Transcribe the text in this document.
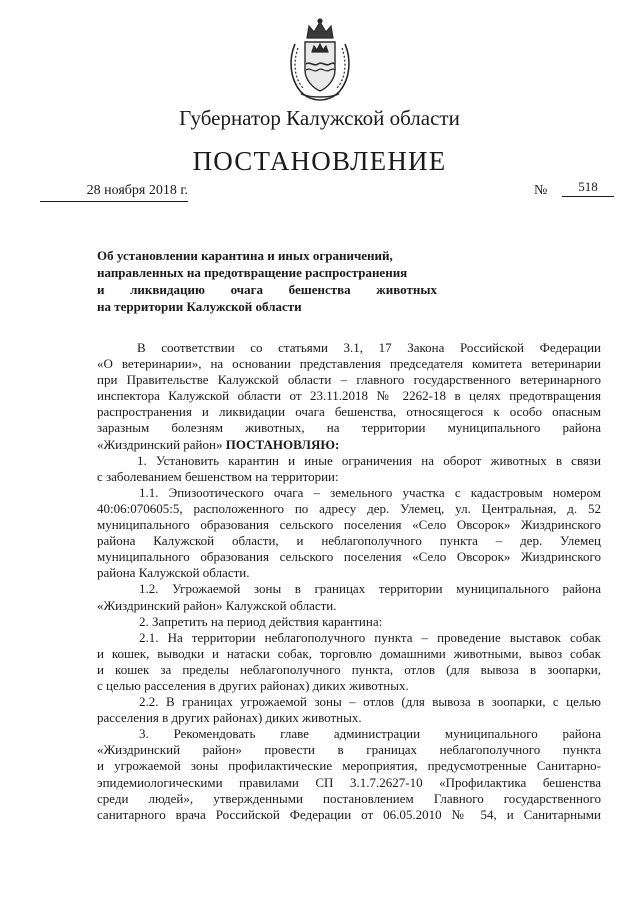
Губернатор Калужской области
ПОСТАНОВЛЕНИЕ
28 ноября 2018 г.	№	518
Об установлении карантина и иных ограничений,
направленных на предотвращение распространения
и ликвидацию очага бешенства животных
на территории Калужской области
В соответствии со статьями 3.1, 17 Закона Российской Федерации
«О ветеринарии», на основании представления председателя комитета ветеринарии
при Правительстве Калужской области – главного государственного ветеринарного
инспектора Калужской области от 23.11.2018 № 2262-18 в целях предотвращения
распространения и ликвидации очага бешенства, относящегося к особо опасным
заразным болезням животных, на территории муниципального района
«Жиздринский район» ПОСТАНОВЛЯЮ:
1. Установить карантин и иные ограничения на оборот животных в связи
с заболеванием бешенством на территории:
1.1. Эпизоотического очага – земельного участка с кадастровым номером
40:06:070605:5, расположенного по адресу дер. Улемец, ул. Центральная, д. 52
муниципального образования сельского поселения «Село Овсорок» Жиздринского
района Калужской области, и неблагополучного пункта – дер. Улемец
муниципального образования сельского поселения «Село Овсорок» Жиздринского
района Калужской области.
1.2. Угрожаемой зоны в границах территории муниципального района
«Жиздринский район» Калужской области.
2. Запретить на период действия карантина:
2.1. На территории неблагополучного пункта – проведение выставок собак
и кошек, выводки и натаски собак, торговлю домашними животными, вывоз собак
и кошек за пределы неблагополучного пункта, отлов (для вывоза в зоопарки,
с целью расселения в других районах) диких животных.
2.2. В границах угрожаемой зоны – отлов (для вывоза в зоопарки, с целью
расселения в других районах) диких животных.
3. Рекомендовать главе администрации муниципального района
«Жиздринский район» провести в границах неблагополучного пункта
и угрожаемой зоны профилактические мероприятия, предусмотренные Санитарно-
эпидемиологическими правилами СП 3.1.7.2627-10 «Профилактика бешенства
среди людей», утвержденными постановлением Главного государственного
санитарного врача Российской Федерации от 06.05.2010 № 54, и Санитарными
